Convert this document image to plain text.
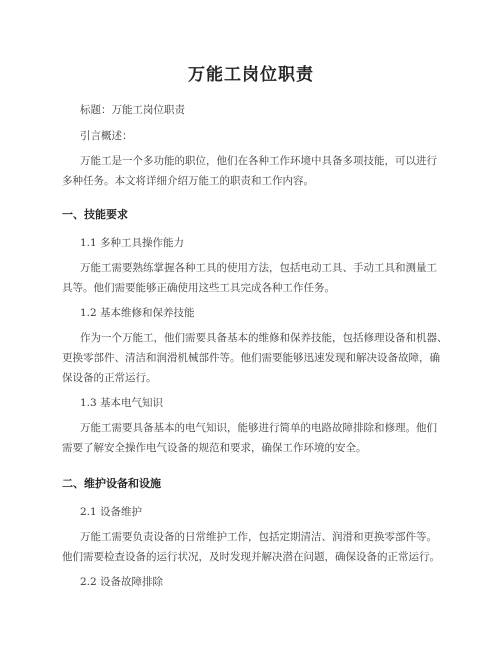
万能工岗位职责
标题：万能工岗位职责
引言概述：
万能工是一个多功能的职位，他们在各种工作环境中具备多项技能，可以进行
多种任务。本文将详细介绍万能工的职责和工作内容。
一、技能要求
1.1 多种工具操作能力
万能工需要熟练掌握各种工具的使用方法，包括电动工具、手动工具和测量工
具等。他们需要能够正确使用这些工具完成各种工作任务。
1.2 基本维修和保养技能
作为一个万能工，他们需要具备基本的维修和保养技能，包括修理设备和机器、
更换零部件、清洁和润滑机械部件等。他们需要能够迅速发现和解决设备故障，确
保设备的正常运行。
1.3 基本电气知识
万能工需要具备基本的电气知识，能够进行简单的电路故障排除和修理。他们
需要了解安全操作电气设备的规范和要求，确保工作环境的安全。
二、维护设备和设施
2.1 设备维护
万能工需要负责设备的日常维护工作，包括定期清洁、润滑和更换零部件等。
他们需要检查设备的运行状况，及时发现并解决潜在问题，确保设备的正常运行。
2.2 设备故障排除
